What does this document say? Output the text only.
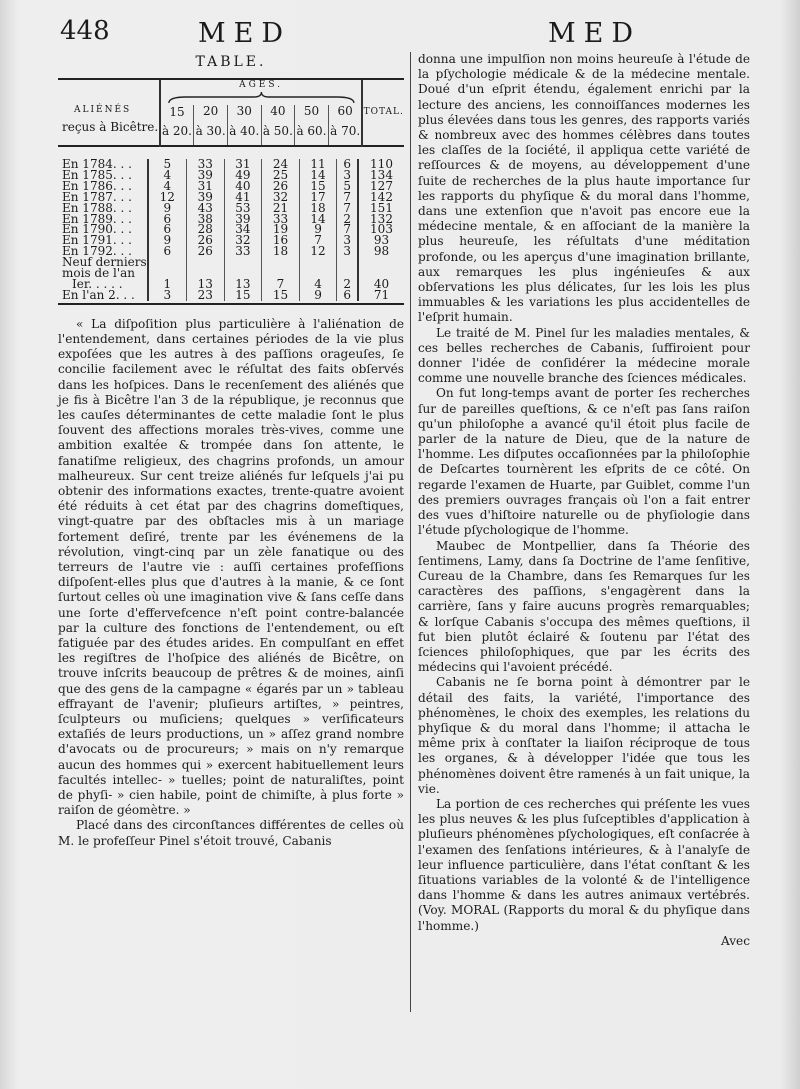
448	MED	MED
TABLE.
ALIÉNÉS	AGES.						TOTAL.
	15	20	30	40	50	60	
reçus à Bicêtre.	à 20.	à 30.	à 40.	à 50.	à 60.	à 70.	

En 1784. . .	5	33	31	24	11	6	110
En 1785. . .	4	39	49	25	14	3	134
En 1786. . .	4	31	40	26	15	5	127
En 1787. . .	12	39	41	32	17	7	142
En 1788. . .	9	43	53	21	18	7	151
En 1789. . .	6	38	39	33	14	2	132
En 1790. . .	6	28	34	19	9	7	103
En 1791. . .	9	26	32	16	7	3	93
En 1792. . .	6	26	33	18	12	3	98
Neuf derniers							
mois de l'an							
Ier. . . . .	1	13	13	7	4	2	40
En l'an 2. . .	3	23	15	15	9	6	71

« La diſpoſition plus particulière à l'aliénation de l'entendement, dans certaines périodes de la vie plus expoſées que les autres à des paſſions orageuſes, ſe concilie facilement avec le réſultat des faits obſervés dans les hoſpices. Dans le recenſement des aliénés que je fis à Bicêtre l'an 3 de la république, je reconnus que les cauſes déterminantes de cette maladie ſont le plus ſouvent des affections morales très-vives, comme une ambition exaltée & trompée dans ſon attente, le fanatiſme religieux, des chagrins profonds, un amour malheureux. Sur cent treize aliénés fur leſquels j'ai pu obtenir des informations exactes, trente-quatre avoient été réduits à cet état par des chagrins domeſtiques, vingt-quatre par des obſtacles mis à un mariage fortement deſiré, trente par les événemens de la révolution, vingt-cinq par un zèle fanatique ou des terreurs de l'autre vie : auſſi certaines profeſſions diſpoſent-elles plus que d'autres à la manie, & ce ſont ſurtout celles où une imagination vive & ſans ceſſe dans une ſorte d'effervefcence n'eſt point contre-balancée par la culture des fonctions de l'entendement, ou eſt fatiguée par des études arides. En compulſant en effet les regiſtres de l'hoſpice des aliénés de Bicêtre, on trouve inſcrits beaucoup de prêtres & de moines, ainſi que des gens de la campagne « égarés par un » tableau effrayant de l'avenir; pluſieurs artiſtes, » peintres, ſculpteurs ou muſiciens; quelques » verſificateurs extaſiés de leurs productions, un » aſſez grand nombre d'avocats ou de procureurs; » mais on n'y remarque aucun des hommes qui » exercent habituellement leurs facultés intellec- » tuelles; point de naturaliſtes, point de phyſi- » cien habile, point de chimiſte, à plus forte » raiſon de géomètre. »

Placé dans des circonſtances différentes de celles où M. le profeſſeur Pinel s'étoit trouvé, Cabanis

donna une impulſion non moins heureuſe à l'étude de la pſychologie médicale & de la médecine mentale. Doué d'un eſprit étendu, également enrichi par la lecture des anciens, les connoiſſances modernes les plus élevées dans tous les genres, des rapports variés & nombreux avec des hommes célèbres dans toutes les claſſes de la ſociété, il appliqua cette variété de reſſources & de moyens, au développement d'une ſuite de recherches de la plus haute importance ſur les rapports du phyſique & du moral dans l'homme, dans une extenſion que n'avoit pas encore eue la médecine mentale, & en aſſociant de la manière la plus heureuſe, les réſultats d'une méditation profonde, ou les aperçus d'une imagination brillante, aux remarques les plus ingénieuſes & aux obſervations les plus délicates, ſur les lois les plus immuables & les variations les plus accidentelles de l'eſprit humain.

Le traité de M. Pinel ſur les maladies mentales, & ces belles recherches de Cabanis, ſuffiroient pour donner l'idée de conſidérer la médecine morale comme une nouvelle branche des ſciences médicales.

On fut long-temps avant de porter ſes recherches ſur de pareilles queſtions, & ce n'eſt pas ſans raiſon qu'un philoſophe a avancé qu'il étoit plus facile de parler de la nature de Dieu, que de la nature de l'homme. Les diſputes occaſionnées par la philoſophie de Deſcartes tournèrent les eſprits de ce côté. On regarde l'examen de Huarte, par Guiblet, comme l'un des premiers ouvrages français où l'on a fait entrer des vues d'hiſtoire naturelle ou de phyſiologie dans l'étude pſychologique de l'homme.

Maubec de Montpellier, dans ſa Théorie des ſentimens, Lamy, dans ſa Doctrine de l'ame ſenſitive, Cureau de la Chambre, dans ſes Remarques ſur les caractères des paſſions, s'engagèrent dans la carrière, ſans y faire aucuns progrès remarquables; & lorſque Cabanis s'occupa des mêmes queſtions, il fut bien plutôt éclairé & ſoutenu par l'état des ſciences philoſophiques, que par les écrits des médecins qui l'avoient précédé.

Cabanis ne ſe borna point à démontrer par le détail des faits, la variété, l'importance des phénomènes, le choix des exemples, les relations du phyſique & du moral dans l'homme; il attacha le même prix à conſtater la liaiſon réciproque de tous les organes, & à développer l'idée que tous les phénomènes doivent être ramenés à un fait unique, la vie.

La portion de ces recherches qui préſente les vues les plus neuves & les plus ſuſceptibles d'application à pluſieurs phénomènes pſychologiques, eſt conſacrée à l'examen des ſenſations intérieures, & à l'analyſe de leur influence particulière, dans l'état conſtant & les ſituations variables de la volonté & de l'intelligence dans l'homme & dans les autres animaux vertébrés. (Voy. MORAL (Rapports du moral & du phyſique dans l'homme.)

Avec
